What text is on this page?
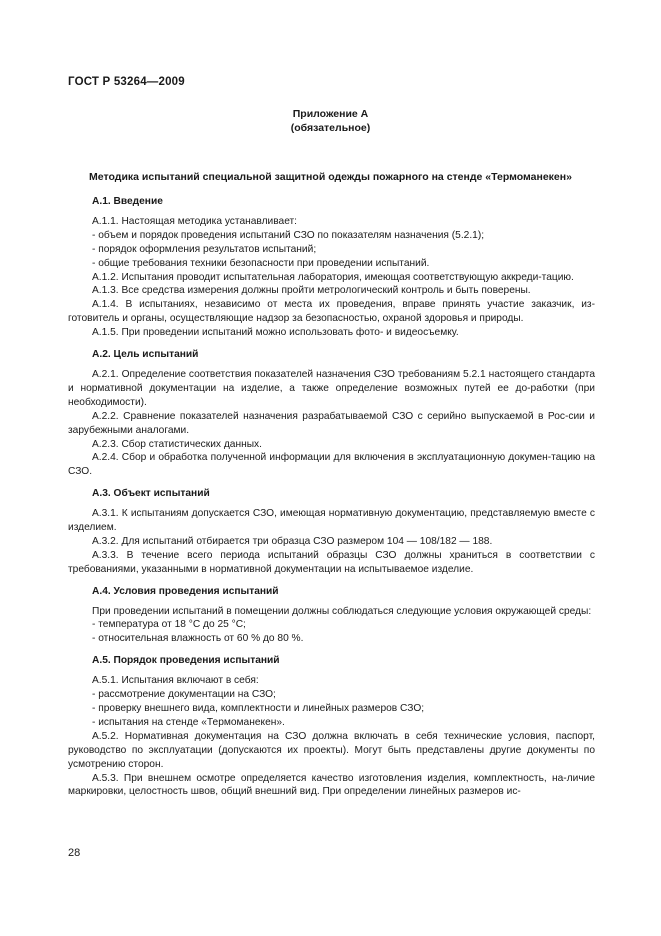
ГОСТ Р 53264—2009
Приложение А
(обязательное)
Методика испытаний специальной защитной одежды пожарного на стенде «Термоманекен»

А.1. Введение

А.1.1. Настоящая методика устанавливает:

- объем и порядок проведения испытаний СЗО по показателям назначения (5.2.1);

- порядок оформления результатов испытаний;

- общие требования техники безопасности при проведении испытаний.

А.1.2. Испытания проводит испытательная лаборатория, имеющая соответствующую аккреди-тацию.

А.1.3. Все средства измерения должны пройти метрологический контроль и быть поверены.

А.1.4. В испытаниях, независимо от места их проведения, вправе принять участие заказчик, из-готовитель и органы, осуществляющие надзор за безопасностью, охраной здоровья и природы.

А.1.5. При проведении испытаний можно использовать фото- и видеосъемку.

А.2. Цель испытаний

А.2.1. Определение соответствия показателей назначения СЗО требованиям 5.2.1 настоящего стандарта и нормативной документации на изделие, а также определение возможных путей ее до-работки (при необходимости).

А.2.2. Сравнение показателей назначения разрабатываемой СЗО с серийно выпускаемой в Рос-сии и зарубежными аналогами.

А.2.3. Сбор статистических данных.

А.2.4. Сбор и обработка полученной информации для включения в эксплуатационную докумен-тацию на СЗО.

А.3. Объект испытаний

А.3.1. К испытаниям допускается СЗО, имеющая нормативную документацию, представляемую вместе с изделием.

А.3.2. Для испытаний отбирается три образца СЗО размером 104 — 108/182 — 188.

А.3.3. В течение всего периода испытаний образцы СЗО должны храниться в соответствии с требованиями, указанными в нормативной документации на испытываемое изделие.

А.4. Условия проведения испытаний

При проведении испытаний в помещении должны соблюдаться следующие условия окружающей среды:

- температура от 18 °С до 25 °С;

- относительная влажность от 60 % до 80 %.

А.5. Порядок проведения испытаний

А.5.1. Испытания включают в себя:

- рассмотрение документации на СЗО;

- проверку внешнего вида, комплектности и линейных размеров СЗО;

- испытания на стенде «Термоманекен».

А.5.2. Нормативная документация на СЗО должна включать в себя технические условия, паспорт, руководство по эксплуатации (допускаются их проекты). Могут быть представлены другие документы по усмотрению сторон.

А.5.3. При внешнем осмотре определяется качество изготовления изделия, комплектность, на-личие маркировки, целостность швов, общий внешний вид. При определении линейных размеров ис-

28
